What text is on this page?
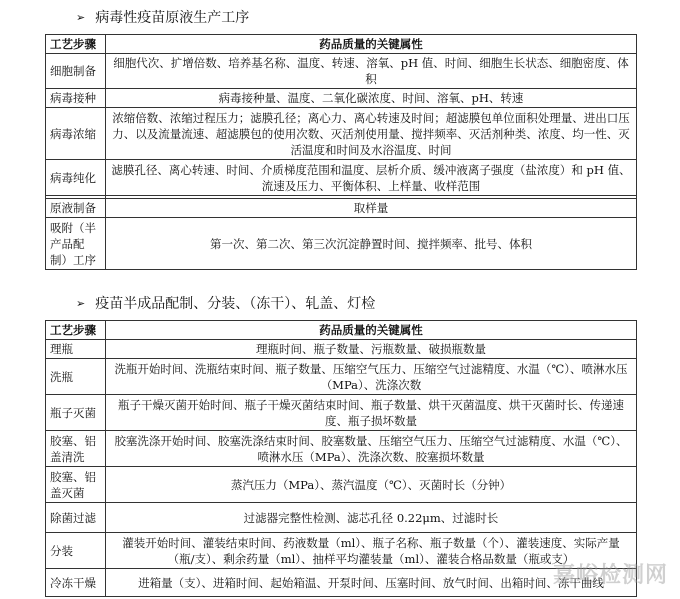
➢ 病毒性疫苗原液生产工序
工艺步骤	药品质量的关键属性
细胞制备	细胞代次、扩增倍数、培养基名称、温度、转速、溶氧、pH 值、时间、细胞生长状态、细胞密度、体积
病毒接种	病毒接种量、温度、二氧化碳浓度、时间、溶氧、pH、转速
病毒浓缩	浓缩倍数、浓缩过程压力；滤膜孔径；离心力、离心转速及时间；超滤膜包单位面积处理量、进出口压力、以及流量流速、超滤膜包的使用次数、灭活剂使用量、搅拌频率、灭活剂种类、浓度、均一性、灭活温度和时间及水浴温度、时间
病毒纯化	滤膜孔径、离心转速、时间、介质梯度范围和温度、层析介质、缓冲液离子强度（盐浓度）和 pH 值、流速及压力、平衡体积、上样量、收样范围

原液制备	取样量
吸附（半产品配制）工序	第一次、第二次、第三次沉淀静置时间、搅拌频率、批号、体积
➢ 疫苗半成品配制、分装、（冻干）、轧盖、灯检
工艺步骤	药品质量的关键属性
理瓶	理瓶时间、瓶子数量、污瓶数量、破损瓶数量
洗瓶	洗瓶开始时间、洗瓶结束时间、瓶子数量、压缩空气压力、压缩空气过滤精度、水温（℃）、喷淋水压（MPa）、洗涤次数
瓶子灭菌	瓶子干燥灭菌开始时间、瓶子干燥灭菌结束时间、瓶子数量、烘干灭菌温度、烘干灭菌时长、传递速度、瓶子损坏数量
胶塞、铝盖清洗	胶塞洗涤开始时间、胶塞洗涤结束时间、胶塞数量、压缩空气压力、压缩空气过滤精度、水温（℃）、喷淋水压（MPa）、洗涤次数、胶塞损坏数量
胶塞、铝盖灭菌	蒸汽压力（MPa）、蒸汽温度（℃）、灭菌时长（分钟）
除菌过滤	过滤器完整性检测、滤芯孔径 0.22μm、过滤时长
分装	灌装开始时间、灌装结束时间、药液数量（ml）、瓶子名称、瓶子数量（个）、灌装速度、实际产量（瓶/支）、剩余药量（ml）、抽样平均灌装量（ml）、灌装合格品数量（瓶或支）
冷冻干燥	进箱量（支）、进箱时间、起始箱温、开泵时间、压塞时间、放气时间、出箱时间、冻干曲线
嘉峪检测网
